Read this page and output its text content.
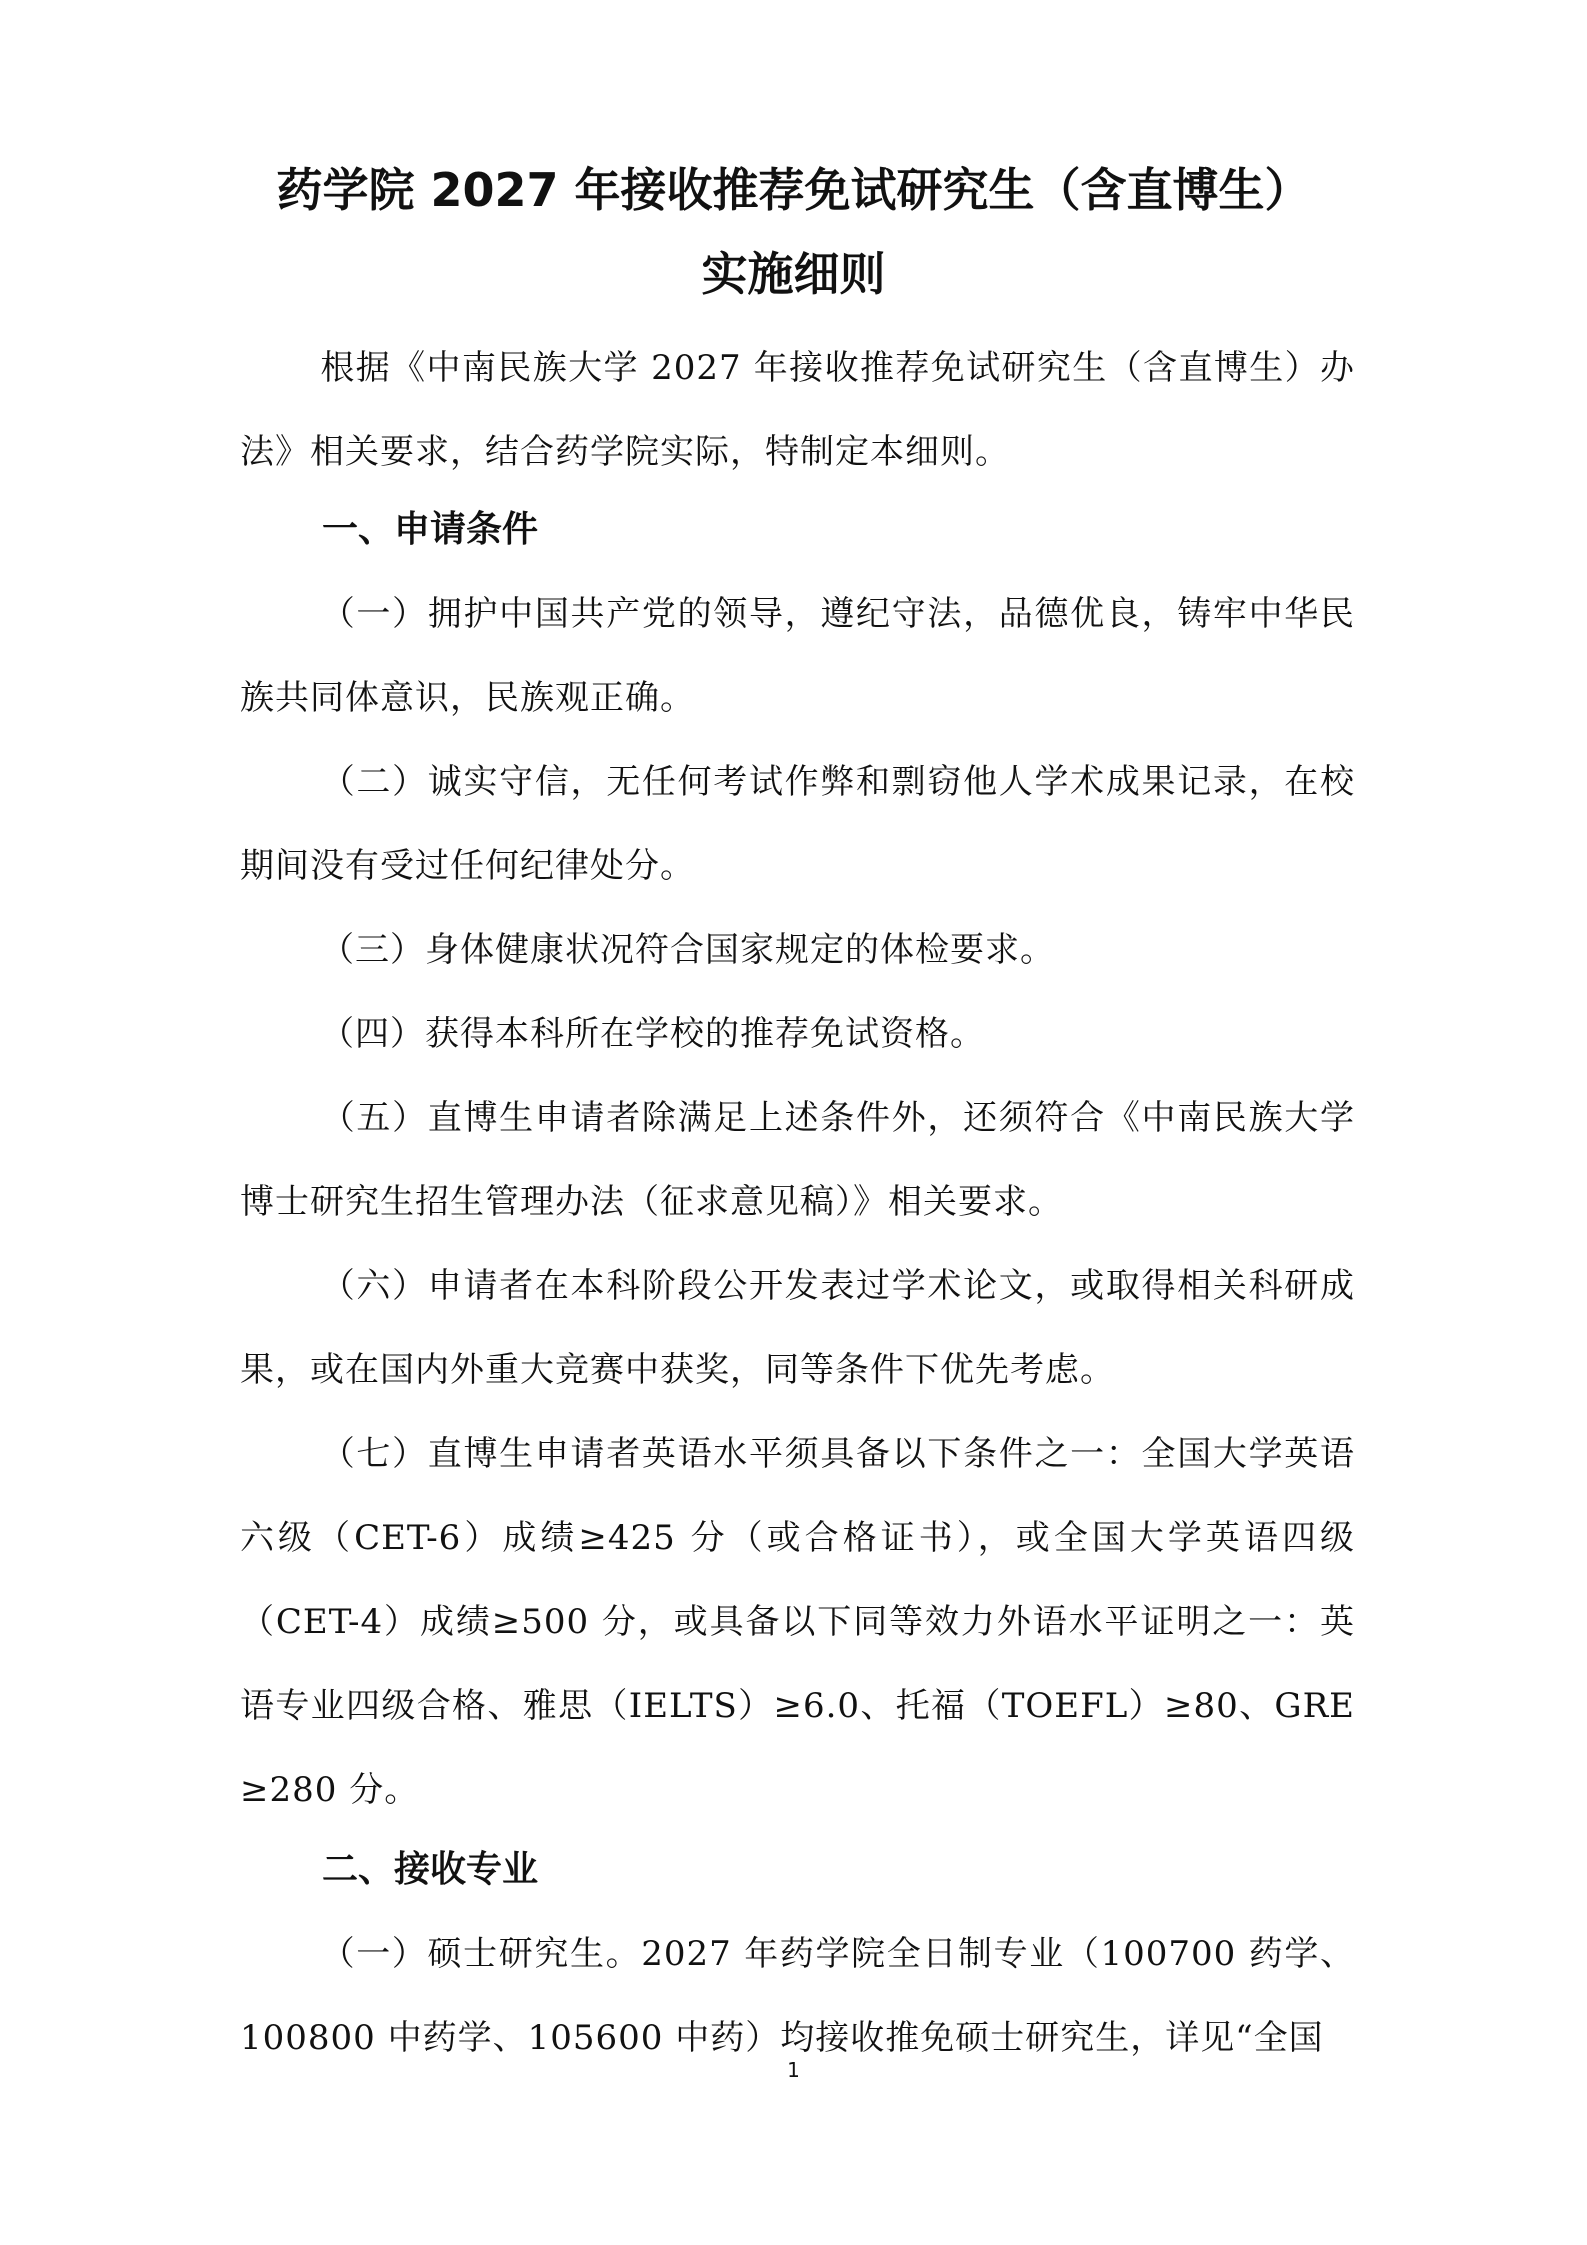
药学院 2027 年接收推荐免试研究生（含直博生）
实施细则

根据《中南民族大学 2027 年接收推荐免试研究生（含直博生）办法》相关要求，结合药学院实际，特制定本细则。

一、申请条件

（一）拥护中国共产党的领导，遵纪守法，品德优良，铸牢中华民族共同体意识，民族观正确。

（二）诚实守信，无任何考试作弊和剽窃他人学术成果记录，在校期间没有受过任何纪律处分。

（三）身体健康状况符合国家规定的体检要求。

（四）获得本科所在学校的推荐免试资格。

（五）直博生申请者除满足上述条件外，还须符合《中南民族大学博士研究生招生管理办法（征求意见稿）》相关要求。

（六）申请者在本科阶段公开发表过学术论文，或取得相关科研成果，或在国内外重大竞赛中获奖，同等条件下优先考虑。

（七）直博生申请者英语水平须具备以下条件之一：全国大学英语六级（CET-6）成绩≥425 分（或合格证书），或全国大学英语四级（CET-4）成绩≥500 分，或具备以下同等效力外语水平证明之一：英语专业四级合格、雅思（IELTS）≥6.0、托福（TOEFL）≥80、GRE ≥280 分。

二、接收专业

（一）硕士研究生。2027 年药学院全日制专业（100700 药学、100800 中药学、105600 中药）均接收推免硕士研究生，详见“全国

1
